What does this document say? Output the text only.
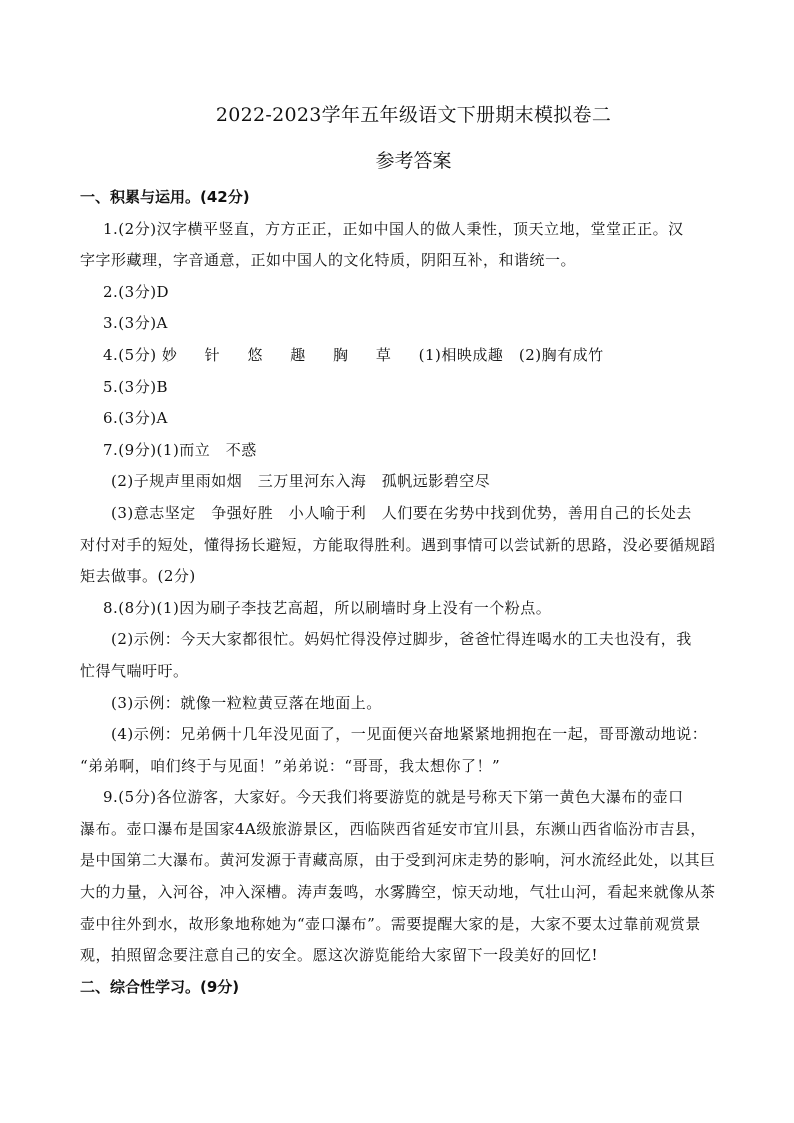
2022-2023学年五年级语文下册期末模拟卷二
参考答案
一、积累与运用。(42分)

1.(2分)汉字横平竖直，方方正正，正如中国人的做人秉性，顶天立地，堂堂正正。汉

字字形藏理，字音通意，正如中国人的文化特质，阴阳互补，和谐统一。

2.(3分)D

3.(3分)A

4.(5分) 妙 针 悠 趣 胸 草 (1)相映成趣　(2)胸有成竹

5.(3分)B

6.(3分)A

7.(9分)(1)而立　不惑

(2)子规声里雨如烟　三万里河东入海　孤帆远影碧空尽

(3)意志坚定　争强好胜　小人喻于利　人们要在劣势中找到优势，善用自己的长处去

对付对手的短处，懂得扬长避短，方能取得胜利。遇到事情可以尝试新的思路，没必要循规蹈

矩去做事。(2分)

8.(8分)(1)因为刷子李技艺高超，所以刷墙时身上没有一个粉点。

(2)示例：今天大家都很忙。妈妈忙得没停过脚步，爸爸忙得连喝水的工夫也没有，我

忙得气喘吁吁。

(3)示例：就像一粒粒黄豆落在地面上。

(4)示例：兄弟俩十几年没见面了，一见面便兴奋地紧紧地拥抱在一起，哥哥激动地说：

“弟弟啊，咱们终于与见面！”弟弟说：“哥哥，我太想你了！”

9.(5分)各位游客，大家好。今天我们将要游览的就是号称天下第一黄色大瀑布的壶口

瀑布。壶口瀑布是国家4A级旅游景区，西临陕西省延安市宜川县，东濒山西省临汾市吉县，

是中国第二大瀑布。黄河发源于青藏高原，由于受到河床走势的影响，河水流经此处，以其巨

大的力量，入河谷，冲入深槽。涛声轰鸣，水雾腾空，惊天动地，气壮山河，看起来就像从茶

壶中往外到水，故形象地称她为“壶口瀑布”。需要提醒大家的是，大家不要太过靠前观赏景

观，拍照留念要注意自己的安全。愿这次游览能给大家留下一段美好的回忆!

二、综合性学习。(9分)
